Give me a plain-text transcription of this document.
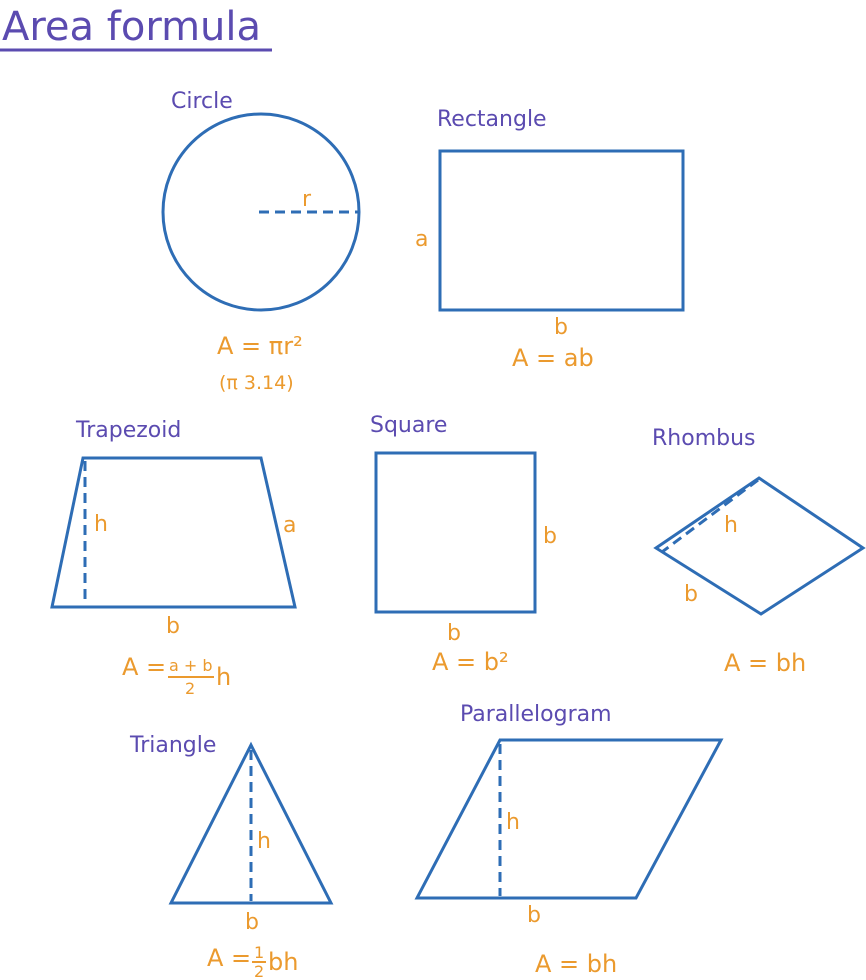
Area formula
Circle
r
A = πr²
(π 3.14)
Rectangle
a
b
A = ab
Trapezoid
h	a
b
A = a + b
2 h
Square
b
b
A = b²
Rhombus
h
b
A = bh
Triangle
h
b
A = 1
2 bh
Parallelogram
h
b
A = bh
